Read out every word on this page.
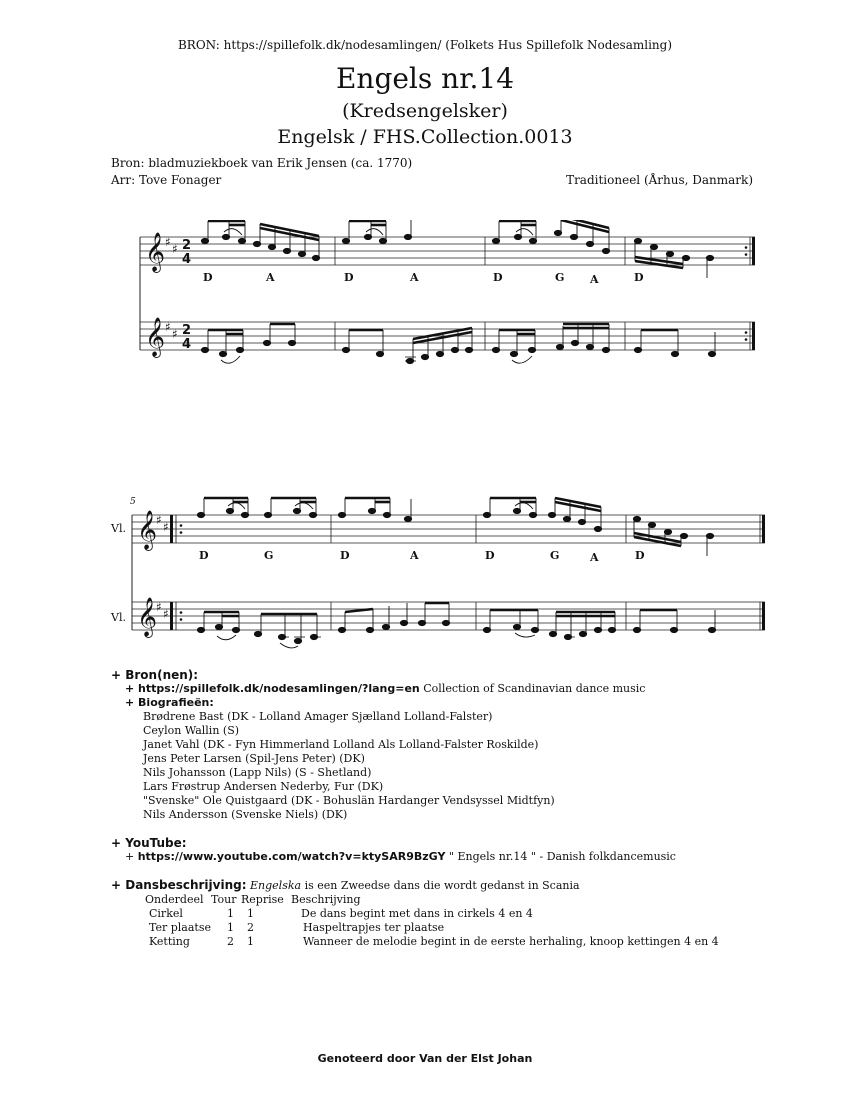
BRON: https://spillefolk.dk/nodesamlingen/ (Folkets Hus Spillefolk Nodesamling)
Engels nr.14
(Kredsengelsker)
Engelsk / FHS.Collection.0013
Bron: bladmuziekboek van Erik Jensen (ca. 1770)
Arr: Tove Fonager	Traditioneel (Århus, Danmark)
𝄞
𝄞
♯ ♯
♯ ♯
2
4
2
4
D	A	D	A	D	G A	D
5
Vl.
Vl.
𝄞
𝄞
♯ ♯
♯ ♯
D	G	D	A	D	G	A	D
+ Bron(nen):
+ https://spillefolk.dk/nodesamlingen/?lang=en Collection of Scandinavian dance music
+ Biografieën:
Brødrene Bast (DK - Lolland Amager Sjælland Lolland-Falster)
Ceylon Wallin (S)
Janet Vahl (DK - Fyn Himmerland Lolland Als Lolland-Falster Roskilde)
Jens Peter Larsen (Spil-Jens Peter) (DK)
Nils Johansson (Lapp Nils) (S - Shetland)
Lars Frøstrup Andersen Nederby, Fur (DK)
"Svenske" Ole Quistgaard (DK - Bohuslän Hardanger Vendsyssel Midtfyn)
Nils Andersson (Svenske Niels) (DK)
+ YouTube:
+ https://www.youtube.com/watch?v=ktySAR9BzGY " Engels nr.14 " - Danish folkdancemusic
+ Dansbeschrijving: Engelska is een Zweedse dans die wordt gedanst in Scania
Onderdeel	Tour	Reprise	Beschrijving
Cirkel	1	1	De dans begint met dans in cirkels 4 en 4
Ter plaatse	1	2	Haspeltrapjes ter plaatse
Ketting	2	1	Wanneer de melodie begint in de eerste herhaling, knoop kettingen 4 en 4
Genoteerd door Van der Elst Johan
